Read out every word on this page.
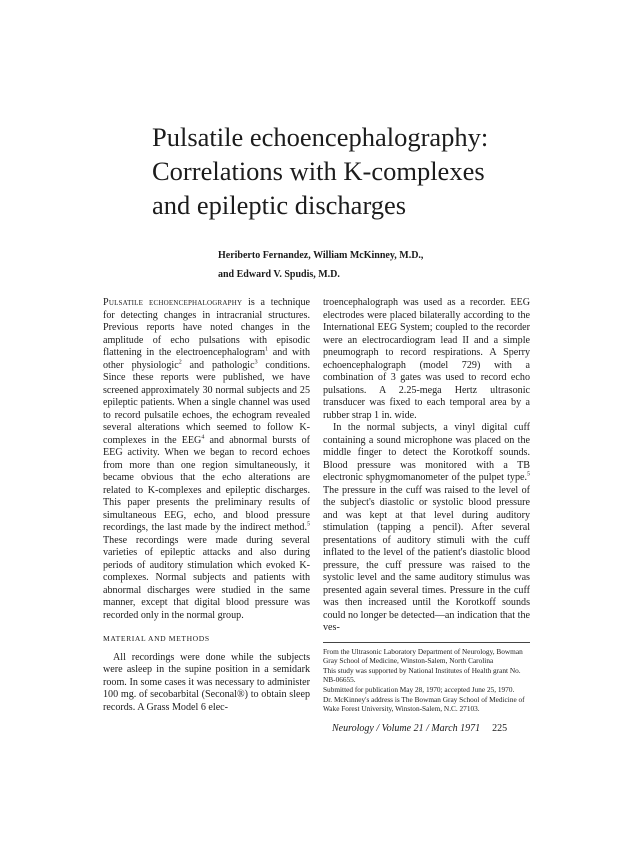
Pulsatile echoencephalography:
Correlations with K-complexes
and epileptic discharges
Heriberto Fernandez, William McKinney, M.D.,
and Edward V. Spudis, M.D.

Pulsatile echoencephalography is a technique for detecting changes in intracranial structures. Previous reports have noted changes in the amplitude of echo pulsations with episodic flattening in the electroencephalogram$^1$ and with other physiologic$^2$ and pathologic$^3$ conditions. Since these reports were published, we have screened approximately 30 normal subjects and 25 epileptic patients. When a single channel was used to record pulsatile echoes, the echogram revealed several alterations which seemed to follow K-complexes in the EEG$^4$ and abnormal bursts of EEG activity. When we began to record echoes from more than one region simultaneously, it became obvious that the echo alterations are related to K-complexes and epileptic discharges. This paper presents the preliminary results of simultaneous EEG, echo, and blood pressure recordings, the last made by the indirect method.$^5$ These recordings were made during several varieties of epileptic attacks and also during periods of auditory stimulation which evoked K-complexes. Normal subjects and patients with abnormal discharges were studied in the same manner, except that digital blood pressure was recorded only in the normal group.

MATERIAL AND METHODS

All recordings were done while the subjects were asleep in the supine position in a semidark room. In some cases it was necessary to administer 100 mg. of secobarbital (Seconal®) to obtain sleep records. A Grass Model 6 elec-

troencephalograph was used as a recorder. EEG electrodes were placed bilaterally according to the International EEG System; coupled to the recorder were an electrocardiogram lead II and a simple pneumograph to record respirations. A Sperry echoencephalograph (model 729) with a combination of 3 gates was used to record echo pulsations. A 2.25-mega Hertz ultrasonic transducer was fixed to each temporal area by a rubber strap 1 in. wide.

In the normal subjects, a vinyl digital cuff containing a sound microphone was placed on the middle finger to detect the Korotkoff sounds. Blood pressure was monitored with a TB electronic sphygmomanometer of the pulpet type.$^5$ The pressure in the cuff was raised to the level of the subject's diastolic or systolic blood pressure and was kept at that level during auditory stimulation (tapping a pencil). After several presentations of auditory stimuli with the cuff inflated to the level of the patient's diastolic blood pressure, the cuff pressure was raised to the systolic level and the same auditory stimulus was presented again several times. Pressure in the cuff was then increased until the Korotkoff sounds could no longer be detected—an indication that the ves-

From the Ultrasonic Laboratory Department of Neurology, Bowman Gray School of Medicine, Winston-Salem, North Carolina

This study was supported by National Institutes of Health grant No. NB-06655.

Submitted for publication May 28, 1970; accepted June 25, 1970.

Dr. McKinney's address is The Bowman Gray School of Medicine of Wake Forest University, Winston-Salem, N.C. 27103.

Neurology / Volume 21 / March 1971 225
